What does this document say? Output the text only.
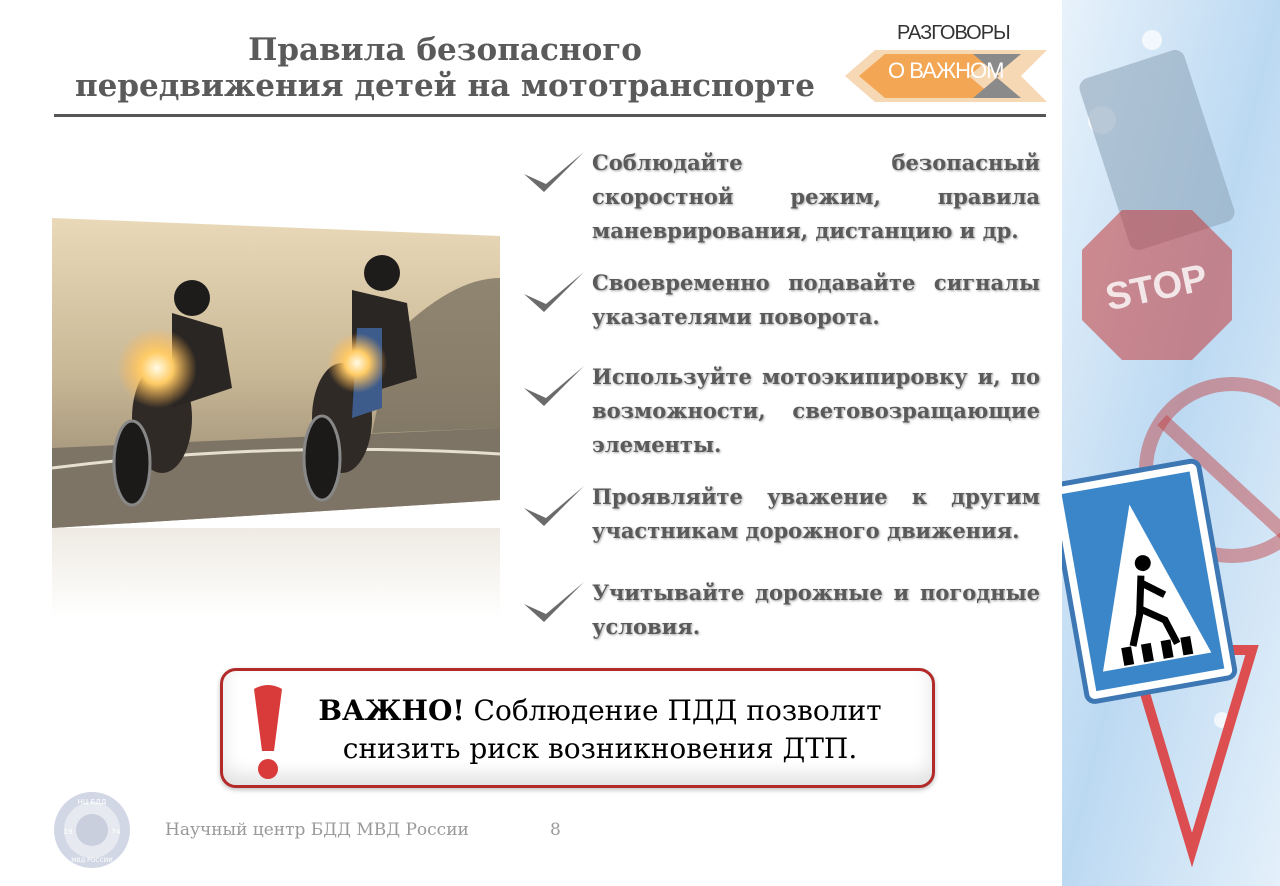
Правила безопасного
передвижения детей на мототранспорте
РАЗГОВОРЫ
О ВАЖНОМ
Соблюдайте безопасный скоростной режим, правила маневрирования, дистанцию и др.
Своевременно подавайте сигналы указателями поворота.
Используйте мотоэкипировку и, по возможности, световозращающие элементы.
Проявляйте уважение к другим участникам дорожного движения.
Учитывайте дорожные и погодные условия.
ВАЖНО! Соблюдение ПДД позволит
снизить риск возникновения ДТП.
НЦ БДД
19	74
МВД РОССИИ
Научный центр БДД МВД России	8
STOP
